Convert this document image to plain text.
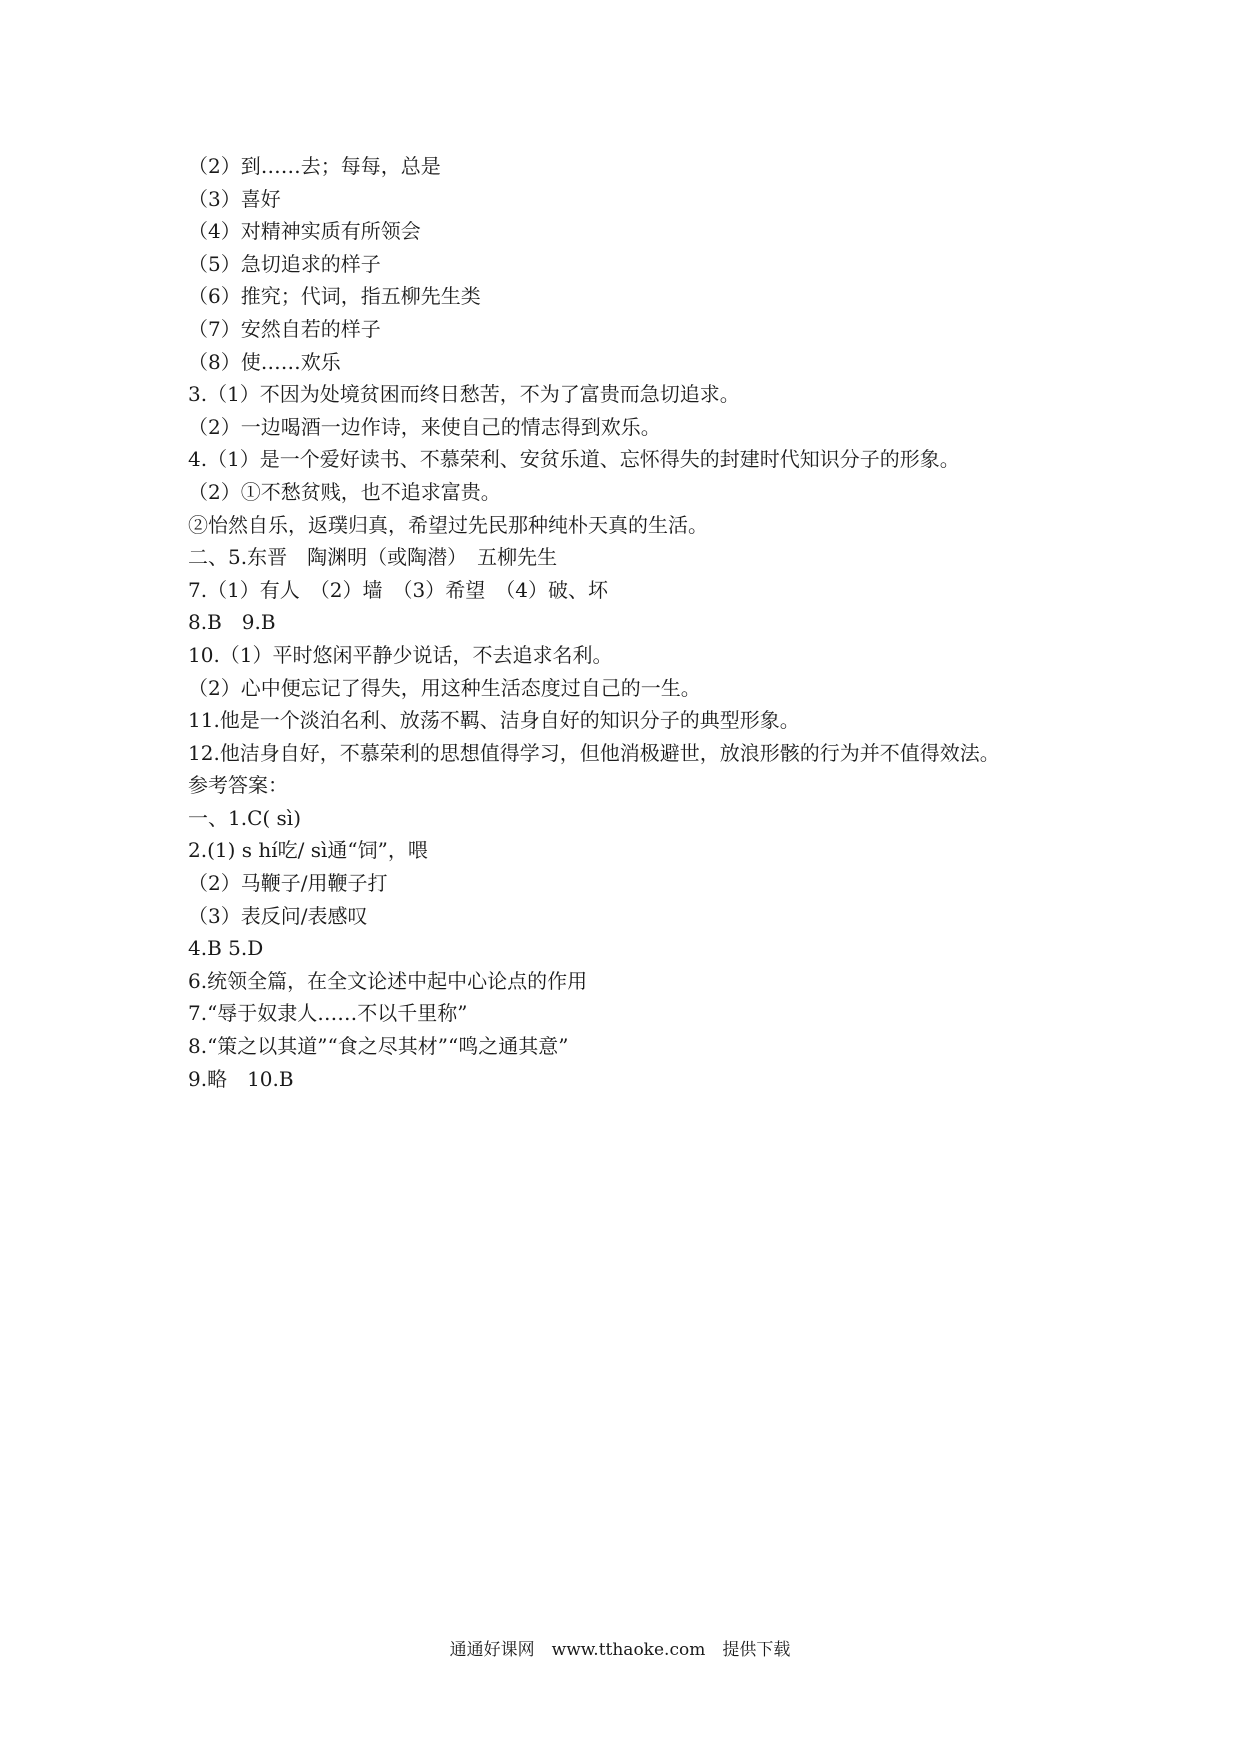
（2）到……去；每每，总是
（3）喜好
（4）对精神实质有所领会
（5）急切追求的样子
（6）推究；代词，指五柳先生类
（7）安然自若的样子
（8）使……欢乐
3.（1）不因为处境贫困而终日愁苦，不为了富贵而急切追求。
（2）一边喝酒一边作诗，来使自己的情志得到欢乐。
4.（1）是一个爱好读书、不慕荣利、安贫乐道、忘怀得失的封建时代知识分子的形象。
（2）①不愁贫贱，也不追求富贵。
②怡然自乐，返璞归真，希望过先民那种纯朴天真的生活。
二、5.东晋　陶渊明（或陶潜）　五柳先生
7.（1）有人　（2）墙　（3）希望　（4）破、坏
8.B　9.B
10.（1）平时悠闲平静少说话，不去追求名利。
（2）心中便忘记了得失，用这种生活态度过自己的一生。
11.他是一个淡泊名利、放荡不羁、洁身自好的知识分子的典型形象。
12.他洁身自好，不慕荣利的思想值得学习，但他消极避世，放浪形骸的行为并不值得效法。
参考答案：
一、1.C( sì)
2.(1) s hí吃/ sì通“饲”，喂
（2）马鞭子/用鞭子打
（3）表反问/表感叹
4.B 5.D
6.统领全篇，在全文论述中起中心论点的作用
7.“辱于奴隶人……不以千里称”
8.“策之以其道”“食之尽其材”“鸣之通其意”
9.略　10.B
通通好课网　www.tthaoke.com　提供下载
